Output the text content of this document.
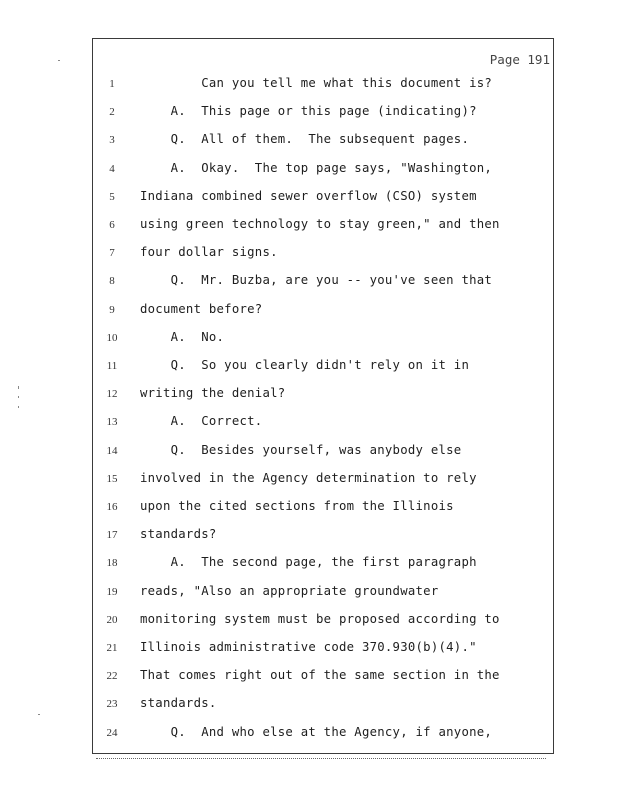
Page 191
1	Can you tell me what this document is?
2	A.  This page or this page (indicating)?
3	Q.  All of them.  The subsequent pages.
4	A.  Okay.  The top page says, "Washington,
5	Indiana combined sewer overflow (CSO) system
6	using green technology to stay green," and then
7	four dollar signs.
8	Q.  Mr. Buzba, are you -- you've seen that
9	document before?
10	A.  No.
11	Q.  So you clearly didn't rely on it in
12	writing the denial?
13	A.  Correct.
14	Q.  Besides yourself, was anybody else
15	involved in the Agency determination to rely
16	upon the cited sections from the Illinois
17	standards?
18	A.  The second page, the first paragraph
19	reads, "Also an appropriate groundwater
20	monitoring system must be proposed according to
21	Illinois administrative code 370.930(b)(4)."
22	That comes right out of the same section in the
23	standards.
24	Q.  And who else at the Agency, if anyone,
